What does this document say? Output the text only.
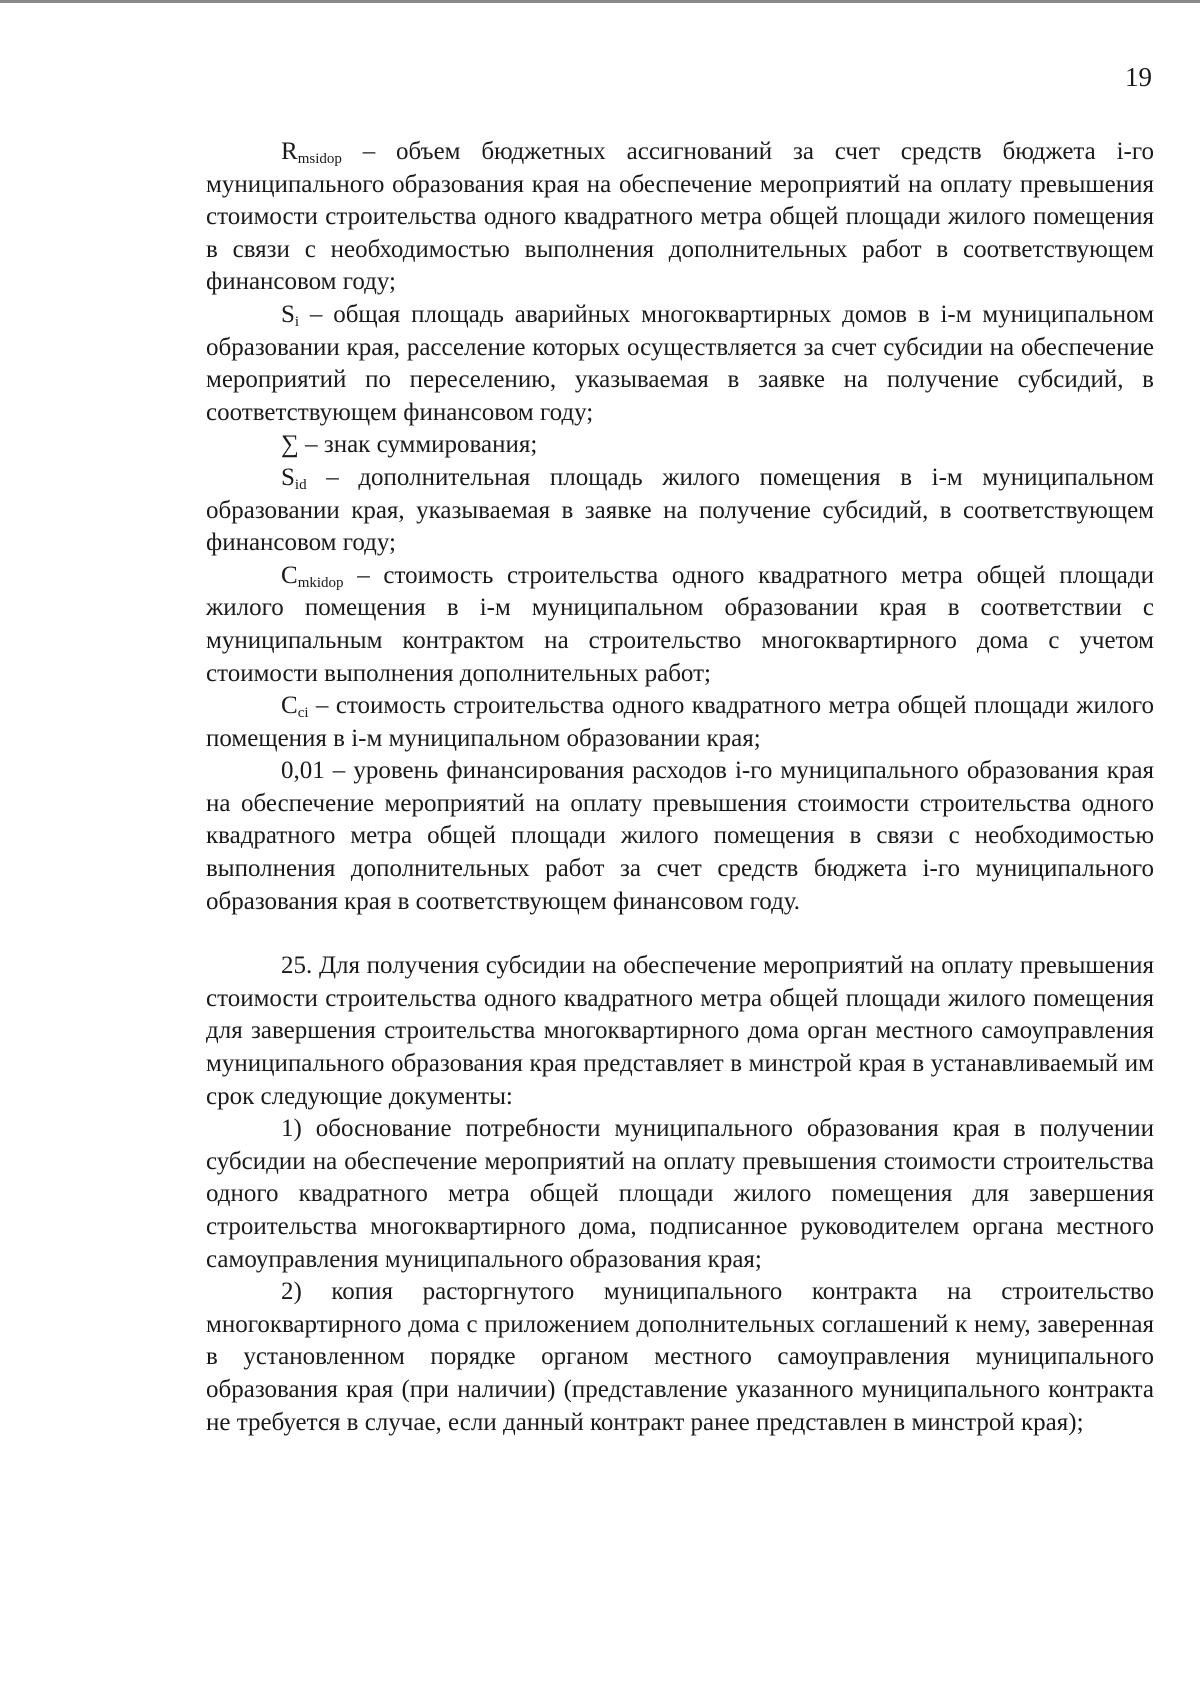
19

$R_{msidop}$ – объем бюджетных ассигнований за счет средств бюджета i-го муниципального образования края на обеспечение мероприятий на оплату превышения стоимости строительства одного квадратного метра общей площади жилого помещения в связи с необходимостью выполнения дополнительных работ в соответствующем финансовом году;

$S_i$ – общая площадь аварийных многоквартирных домов в i-м муниципальном образовании края, расселение которых осуществляется за счет субсидии на обеспечение мероприятий по переселению, указываемая в заявке на получение субсидий, в соответствующем финансовом году;

∑ – знак суммирования;

$S_{id}$ – дополнительная площадь жилого помещения в i-м муниципальном образовании края, указываемая в заявке на получение субсидий, в соответствующем финансовом году;

$C_{mkidop}$ – стоимость строительства одного квадратного метра общей площади жилого помещения в i-м муниципальном образовании края в соответствии с муниципальным контрактом на строительство многоквартирного дома с учетом стоимости выполнения дополнительных работ;

$C_{ci}$ – стоимость строительства одного квадратного метра общей площади жилого помещения в i-м муниципальном образовании края;

0,01 – уровень финансирования расходов i-го муниципального образования края на обеспечение мероприятий на оплату превышения стоимости строительства одного квадратного метра общей площади жилого помещения в связи с необходимостью выполнения дополнительных работ за счет средств бюджета i-го муниципального образования края в соответствующем финансовом году.

25. Для получения субсидии на обеспечение мероприятий на оплату превышения стоимости строительства одного квадратного метра общей площади жилого помещения для завершения строительства многоквартирного дома орган местного самоуправления муниципального образования края представляет в минстрой края в устанавливаемый им срок следующие документы:

1) обоснование потребности муниципального образования края в получении субсидии на обеспечение мероприятий на оплату превышения стоимости строительства одного квадратного метра общей площади жилого помещения для завершения строительства многоквартирного дома, подписанное руководителем органа местного самоуправления муниципального образования края;

2) копия расторгнутого муниципального контракта на строительство многоквартирного дома с приложением дополнительных соглашений к нему, заверенная в установленном порядке органом местного самоуправления муниципального образования края (при наличии) (представление указанного муниципального контракта не требуется в случае, если данный контракт ранее представлен в минстрой края);
